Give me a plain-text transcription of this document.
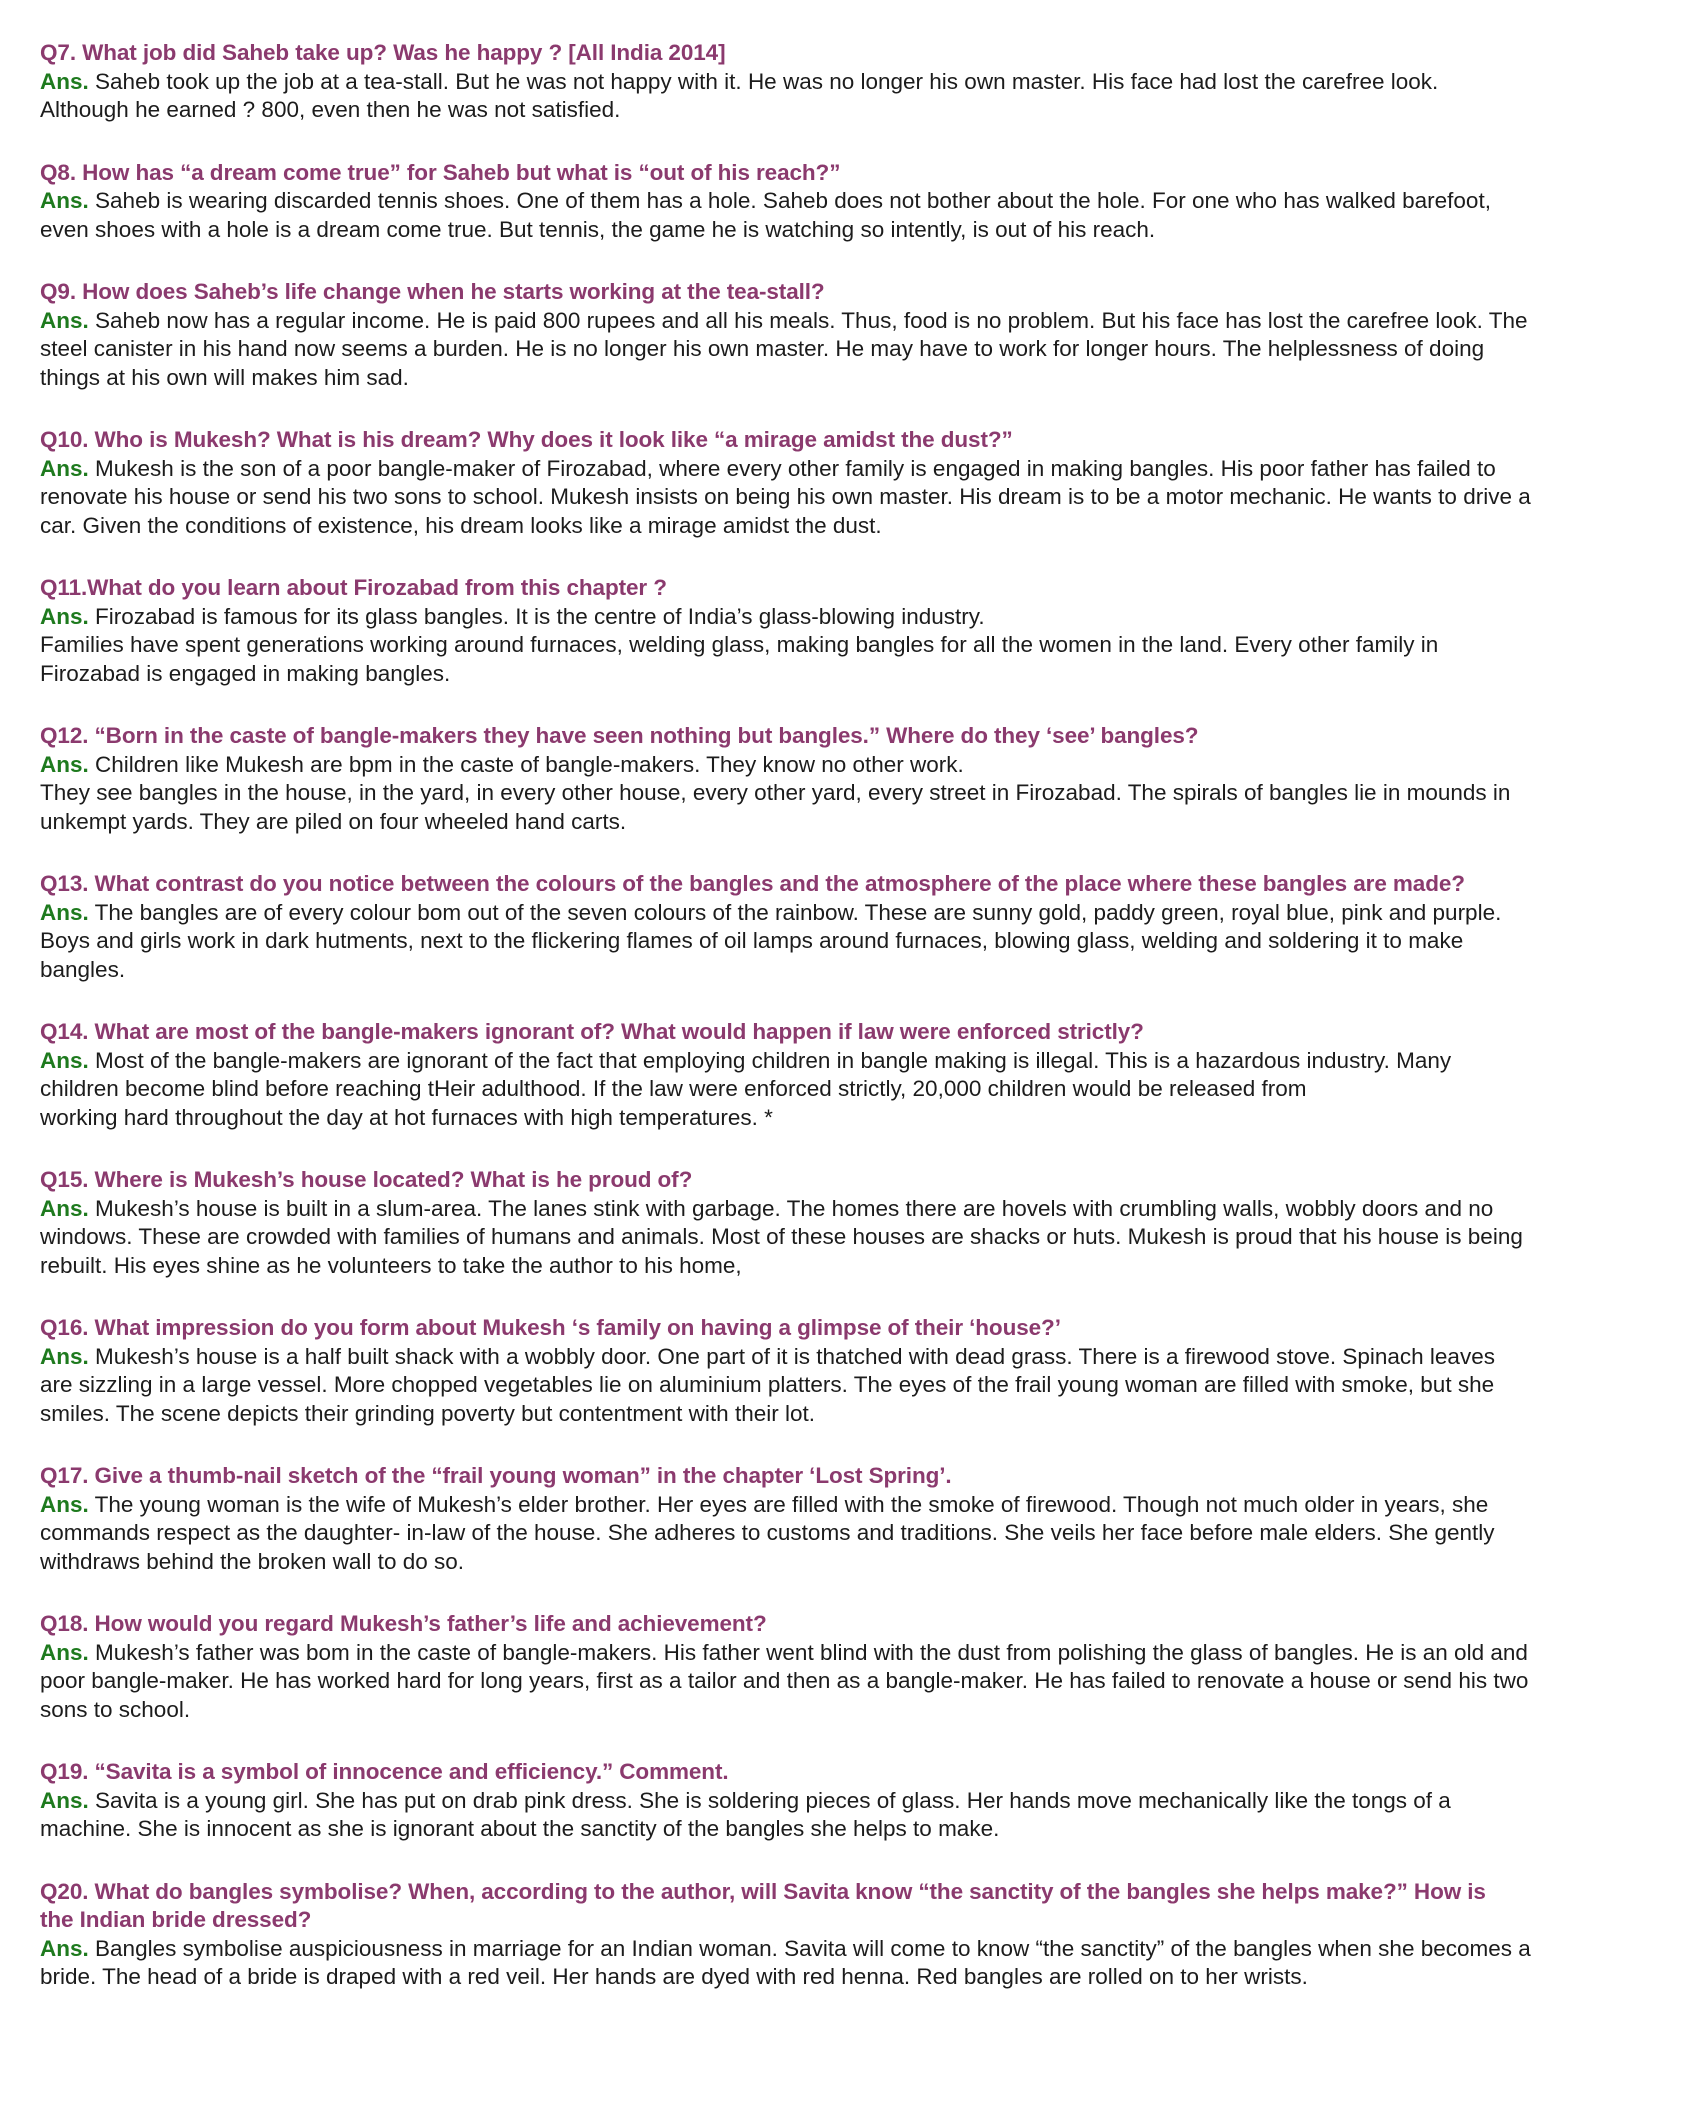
Q7. What job did Saheb take up? Was he happy ? [All India 2014]

Ans. Saheb took up the job at a tea-stall. But he was not happy with it. He was no longer his own master. His face had lost the carefree look.
Although he earned ? 800, even then he was not satisfied.

Q8. How has “a dream come true” for Saheb but what is “out of his reach?”

Ans. Saheb is wearing discarded tennis shoes. One of them has a hole. Saheb does not bother about the hole. For one who has walked barefoot,
even shoes with a hole is a dream come true. But tennis, the game he is watching so intently, is out of his reach.

Q9. How does Saheb’s life change when he starts working at the tea-stall?

Ans. Saheb now has a regular income. He is paid 800 rupees and all his meals. Thus, food is no problem. But his face has lost the carefree look. The
steel canister in his hand now seems a burden. He is no longer his own master. He may have to work for longer hours. The helplessness of doing
things at his own will makes him sad.

Q10. Who is Mukesh? What is his dream? Why does it look like “a mirage amidst the dust?”

Ans. Mukesh is the son of a poor bangle-maker of Firozabad, where every other family is engaged in making bangles. His poor father has failed to
renovate his house or send his two sons to school. Mukesh insists on being his own master. His dream is to be a motor mechanic. He wants to drive a
car. Given the conditions of existence, his dream looks like a mirage amidst the dust.

Q11.What do you learn about Firozabad from this chapter ?

Ans. Firozabad is famous for its glass bangles. It is the centre of India’s glass-blowing industry.
Families have spent generations working around furnaces, welding glass, making bangles for all the women in the land. Every other family in
Firozabad is engaged in making bangles.

Q12. “Born in the caste of bangle-makers they have seen nothing but bangles.” Where do they ‘see’ bangles?

Ans. Children like Mukesh are bpm in the caste of bangle-makers. They know no other work.
They see bangles in the house, in the yard, in every other house, every other yard, every street in Firozabad. The spirals of bangles lie in mounds in
unkempt yards. They are piled on four wheeled hand carts.

Q13. What contrast do you notice between the colours of the bangles and the atmosphere of the place where these bangles are made?

Ans. The bangles are of every colour bom out of the seven colours of the rainbow. These are sunny gold, paddy green, royal blue, pink and purple.
Boys and girls work in dark hutments, next to the flickering flames of oil lamps around furnaces, blowing glass, welding and soldering it to make
bangles.

Q14. What are most of the bangle-makers ignorant of? What would happen if law were enforced strictly?

Ans. Most of the bangle-makers are ignorant of the fact that employing children in bangle making is illegal. This is a hazardous industry. Many
children become blind before reaching tHeir adulthood. If the law were enforced strictly, 20,000 children would be released from
working hard throughout the day at hot furnaces with high temperatures. *

Q15. Where is Mukesh’s house located? What is he proud of?

Ans. Mukesh’s house is built in a slum-area. The lanes stink with garbage. The homes there are hovels with crumbling walls, wobbly doors and no
windows. These are crowded with families of humans and animals. Most of these houses are shacks or huts. Mukesh is proud that his house is being
rebuilt. His eyes shine as he volunteers to take the author to his home,

Q16. What impression do you form about Mukesh ‘s family on having a glimpse of their ‘house?’

Ans. Mukesh’s house is a half built shack with a wobbly door. One part of it is thatched with dead grass. There is a firewood stove. Spinach leaves
are sizzling in a large vessel. More chopped vegetables lie on aluminium platters. The eyes of the frail young woman are filled with smoke, but she
smiles. The scene depicts their grinding poverty but contentment with their lot.

Q17. Give a thumb-nail sketch of the “frail young woman” in the chapter ‘Lost Spring’.

Ans. The young woman is the wife of Mukesh’s elder brother. Her eyes are filled with the smoke of firewood. Though not much older in years, she
commands respect as the daughter- in-law of the house. She adheres to customs and traditions. She veils her face before male elders. She gently
withdraws behind the broken wall to do so.

Q18. How would you regard Mukesh’s father’s life and achievement?

Ans. Mukesh’s father was bom in the caste of bangle-makers. His father went blind with the dust from polishing the glass of bangles. He is an old and
poor bangle-maker. He has worked hard for long years, first as a tailor and then as a bangle-maker. He has failed to renovate a house or send his two
sons to school.

Q19. “Savita is a symbol of innocence and efficiency.” Comment.

Ans. Savita is a young girl. She has put on drab pink dress. She is soldering pieces of glass. Her hands move mechanically like the tongs of a
machine. She is innocent as she is ignorant about the sanctity of the bangles she helps to make.

Q20. What do bangles symbolise? When, according to the author, will Savita know “the sanctity of the bangles she helps make?” How is
the Indian bride dressed?

Ans. Bangles symbolise auspiciousness in marriage for an Indian woman. Savita will come to know “the sanctity” of the bangles when she becomes a
bride. The head of a bride is draped with a red veil. Her hands are dyed with red henna. Red bangles are rolled on to her wrists.
